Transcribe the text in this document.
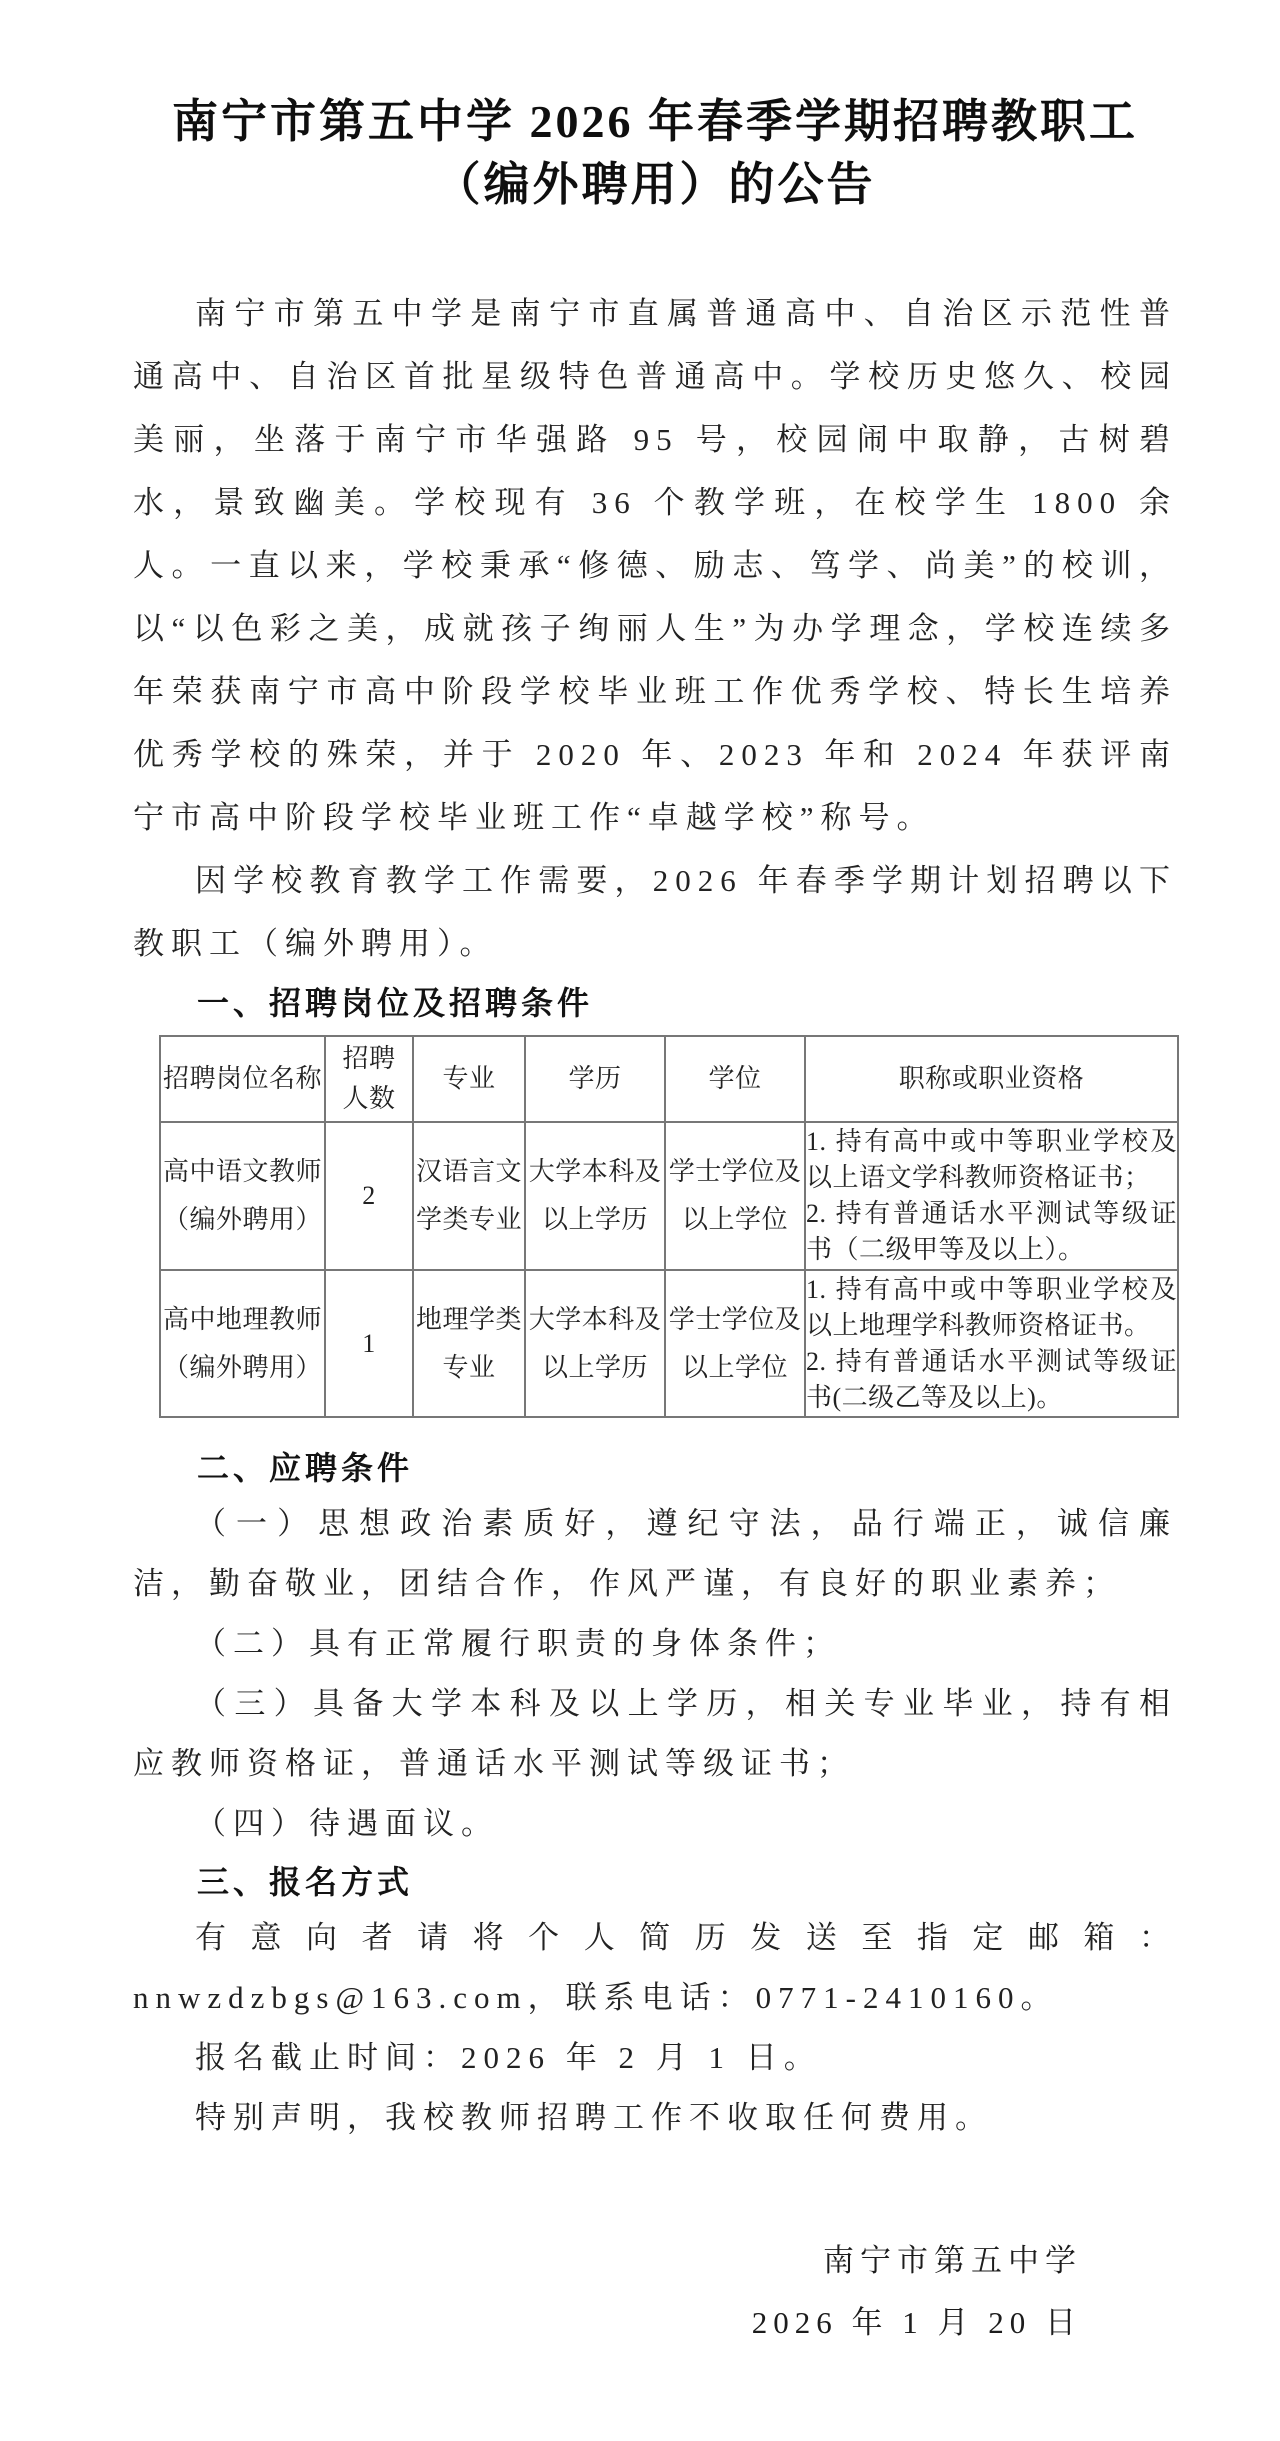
南宁市第五中学 2026 年春季学期招聘教职工
（编外聘用）的公告

南宁市第五中学是南宁市直属普通高中、自治区示范性普通高中、自治区首批星级特色普通高中。学校历史悠久、校园美丽，坐落于南宁市华强路 95 号，校园闹中取静，古树碧水，景致幽美。学校现有 36 个教学班，在校学生 1800 余人。一直以来，学校秉承“修德、励志、笃学、尚美”的校训，以“以色彩之美，成就孩子绚丽人生”为办学理念，学校连续多年荣获南宁市高中阶段学校毕业班工作优秀学校、特长生培养优秀学校的殊荣，并于 2020 年、2023 年和 2024 年获评南宁市高中阶段学校毕业班工作“卓越学校”称号。

因学校教育教学工作需要，2026 年春季学期计划招聘以下教职工（编外聘用）。

一、招聘岗位及招聘条件
招聘岗位名称	招聘人数	专业	学历	学位	职称或职业资格
高中语文教师（编外聘用）	2	汉语言文学类专业	大学本科及以上学历	学士学位及以上学位	1. 持有高中或中等职业学校及以上语文学科教师资格证书；
2. 持有普通话水平测试等级证书（二级甲等及以上）。

高中地理教师（编外聘用）	1	地理学类专业	大学本科及以上学历	学士学位及以上学位	1. 持有高中或中等职业学校及以上地理学科教师资格证书。
2. 持有普通话水平测试等级证书(二级乙等及以上)。
二、应聘条件

（一）思想政治素质好，遵纪守法，品行端正，诚信廉洁，勤奋敬业，团结合作，作风严谨，有良好的职业素养；

（二）具有正常履行职责的身体条件；

（三）具备大学本科及以上学历，相关专业毕业，持有相应教师资格证，普通话水平测试等级证书；

（四）待遇面议。

三、报名方式

有意向者请将个人简历发送至指定邮箱：

nnwzdzbgs@163.com，联系电话：0771-2410160。

报名截止时间：2026 年 2 月 1 日。

特别声明，我校教师招聘工作不收取任何费用。

南宁市第五中学
2026 年 1 月 20 日
